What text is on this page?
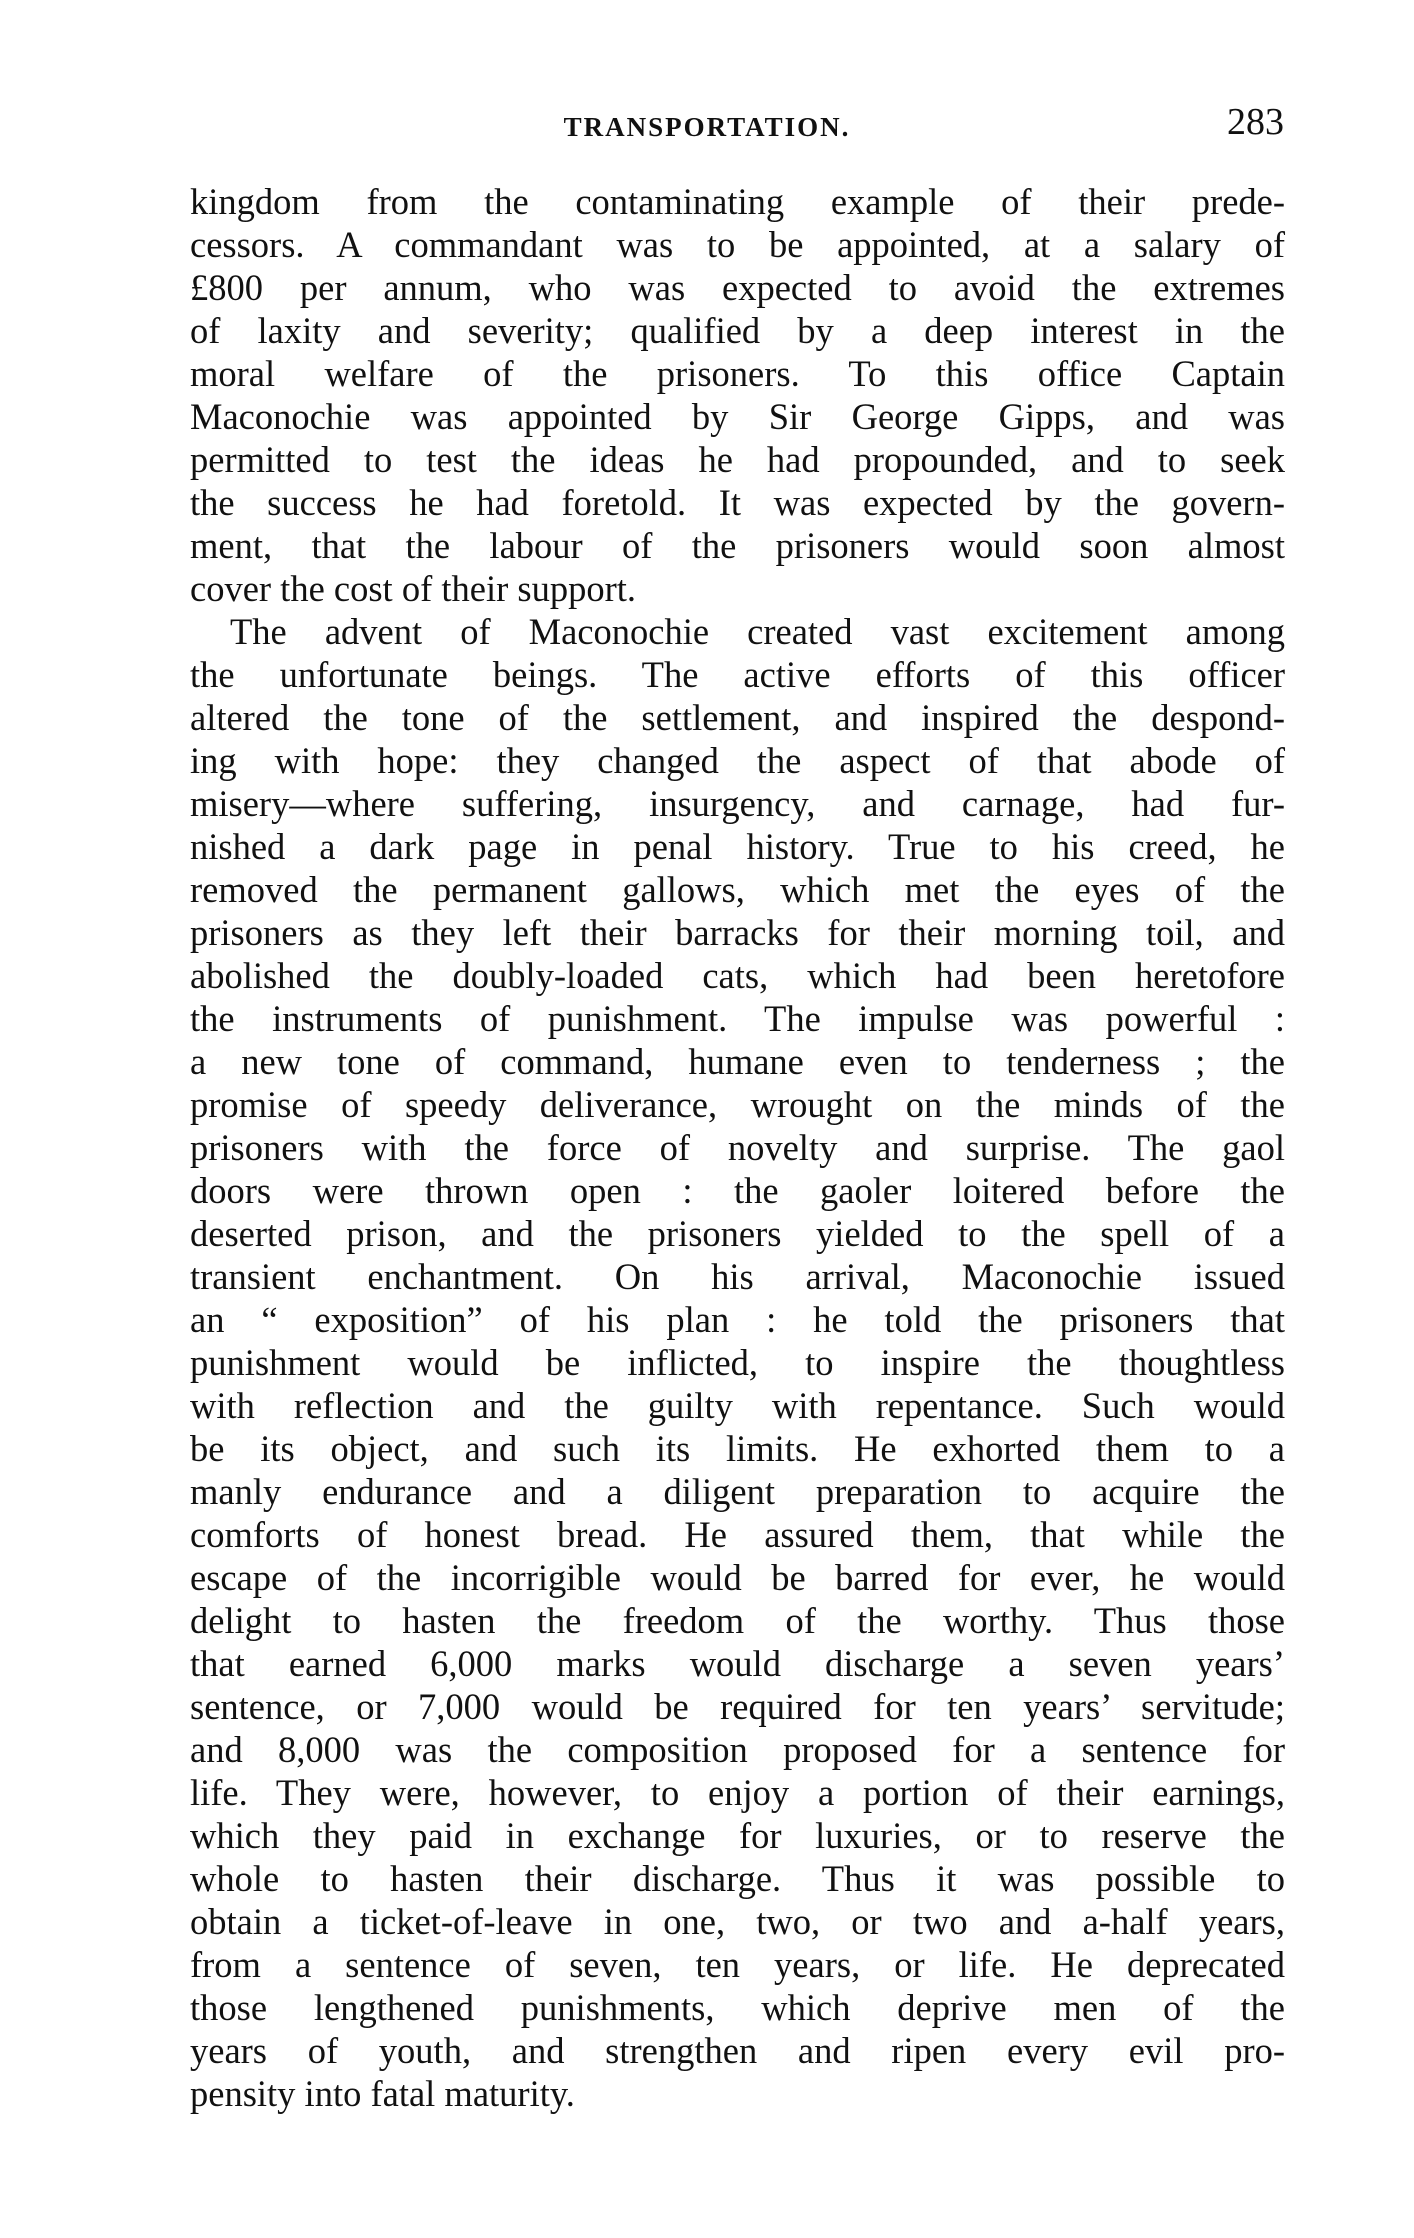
TRANSPORTATION.	283
kingdom from the contaminating example of their prede-
cessors. A commandant was to be appointed, at a salary of
£800 per annum, who was expected to avoid the extremes
of laxity and severity; qualified by a deep interest in the
moral welfare of the prisoners. To this office Captain
Maconochie was appointed by Sir George Gipps, and was
permitted to test the ideas he had propounded, and to seek
the success he had foretold. It was expected by the govern-
ment, that the labour of the prisoners would soon almost
cover the cost of their support.
The advent of Maconochie created vast excitement among
the unfortunate beings. The active efforts of this officer
altered the tone of the settlement, and inspired the despond-
ing with hope: they changed the aspect of that abode of
misery—where suffering, insurgency, and carnage, had fur-
nished a dark page in penal history. True to his creed, he
removed the permanent gallows, which met the eyes of the
prisoners as they left their barracks for their morning toil, and
abolished the doubly-loaded cats, which had been heretofore
the instruments of punishment. The impulse was powerful :
a new tone of command, humane even to tenderness ; the
promise of speedy deliverance, wrought on the minds of the
prisoners with the force of novelty and surprise. The gaol
doors were thrown open : the gaoler loitered before the
deserted prison, and the prisoners yielded to the spell of a
transient enchantment. On his arrival, Maconochie issued
an “ exposition” of his plan : he told the prisoners that
punishment would be inflicted, to inspire the thoughtless
with reflection and the guilty with repentance. Such would
be its object, and such its limits. He exhorted them to a
manly endurance and a diligent preparation to acquire the
comforts of honest bread. He assured them, that while the
escape of the incorrigible would be barred for ever, he would
delight to hasten the freedom of the worthy. Thus those
that earned 6,000 marks would discharge a seven years’
sentence, or 7,000 would be required for ten years’ servitude;
and 8,000 was the composition proposed for a sentence for
life. They were, however, to enjoy a portion of their earnings,
which they paid in exchange for luxuries, or to reserve the
whole to hasten their discharge. Thus it was possible to
obtain a ticket-of-leave in one, two, or two and a-half years,
from a sentence of seven, ten years, or life. He deprecated
those lengthened punishments, which deprive men of the
years of youth, and strengthen and ripen every evil pro-
pensity into fatal maturity.
